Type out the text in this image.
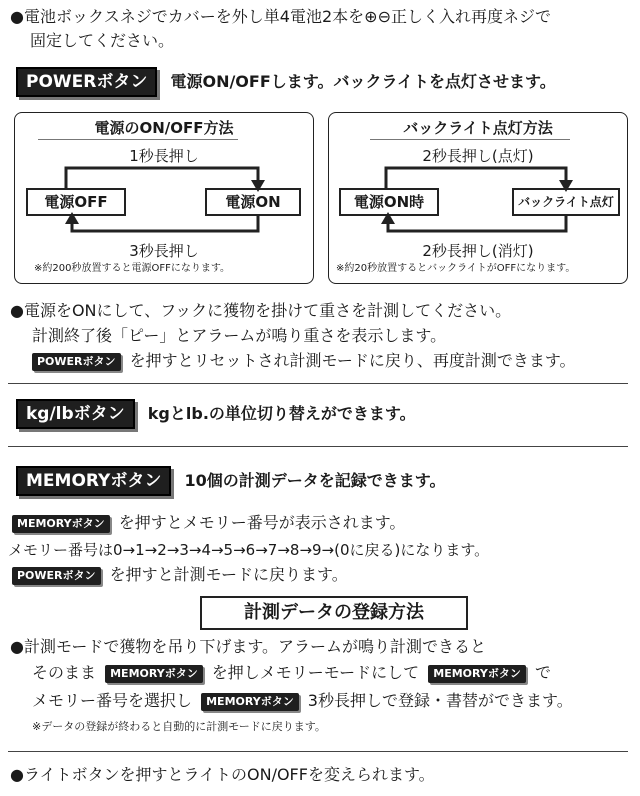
●電池ボックスネジでカバーを外し単4電池2本を⊕⊖正しく入れ再度ネジで
固定してください。
POWERボタン 電源ON/OFFします。バックライトを点灯させます。
電源のON/OFF方法
1秒長押し
電源OFF	電源ON
3秒長押し
※約200秒放置すると電源OFFになります。
バックライト点灯方法
2秒長押し(点灯)
電源ON時	バックライト点灯
2秒長押し(消灯)
※約20秒放置するとバックライトがOFFになります。
●電源をONにして、フックに獲物を掛けて重さを計測してください。
計測終了後「ピー」とアラームが鳴り重さを表示します。
POWERボタン を押すとリセットされ計測モードに戻り、再度計測できます。
kg/lbボタン kgとlb.の単位切り替えができます。
MEMORYボタン 10個の計測データを記録できます。
MEMORYボタン を押すとメモリー番号が表示されます。
メモリー番号は0→1→2→3→4→5→6→7→8→9→(0に戻る)になります。
POWERボタン を押すと計測モードに戻ります。
計測データの登録方法
●計測モードで獲物を吊り下げます。アラームが鳴り計測できると
そのまま MEMORYボタン を押しメモリーモードにして MEMORYボタン で
メモリー番号を選択し MEMORYボタン 3秒長押しで登録・書替ができます。
※データの登録が終わると自動的に計測モードに戻ります。
●ライトボタンを押すとライトのON/OFFを変えられます。
